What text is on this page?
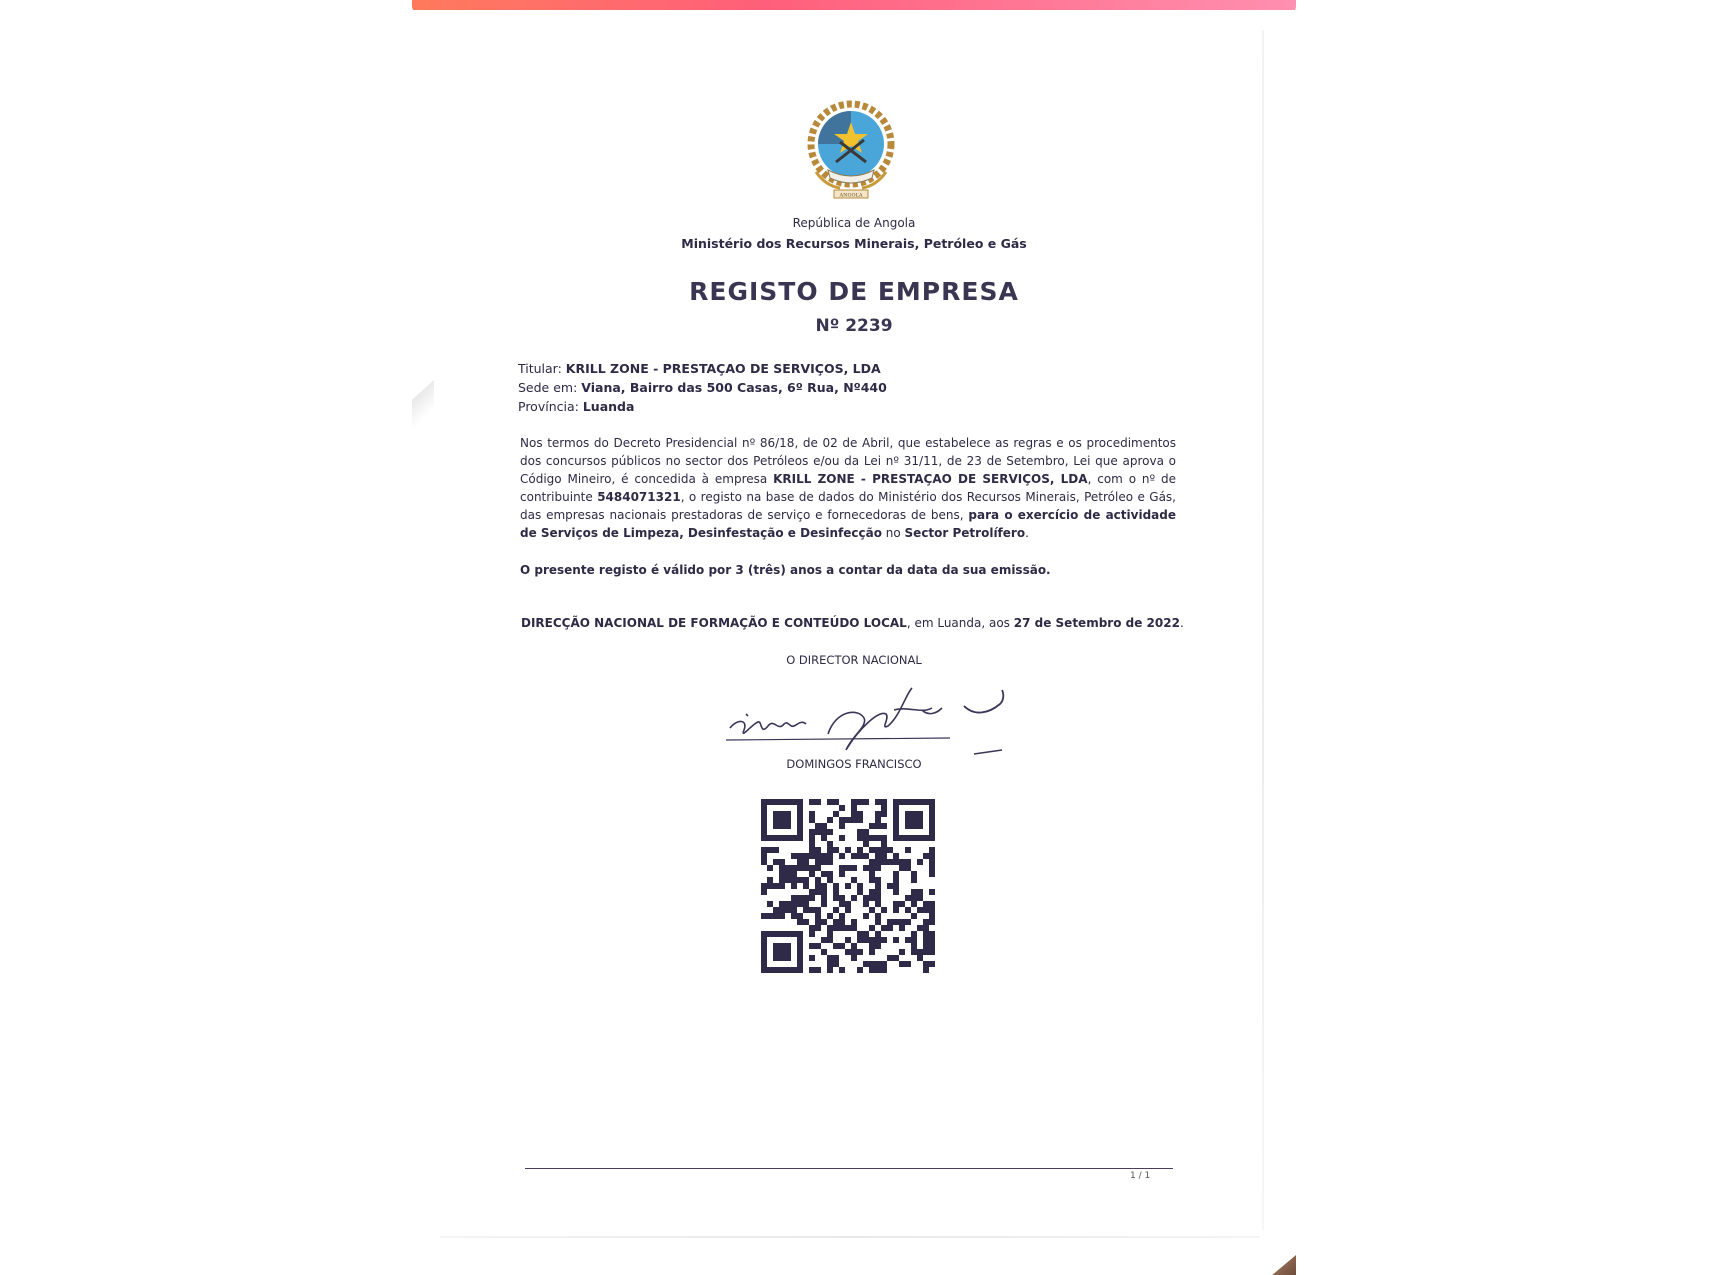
ANGOLA
República de Angola
Ministério dos Recursos Minerais, Petróleo e Gás
REGISTO DE EMPRESA
Nº 2239
Titular: KRILL ZONE - PRESTAÇAO DE SERVIÇOS, LDA
Sede em: Viana, Bairro das 500 Casas, 6º Rua, Nº440
Província: Luanda
Nos termos do Decreto Presidencial nº 86/18, de 02 de Abril, que estabelece as regras e os procedimentos dos concursos públicos no sector dos Petróleos e/ou da Lei nº 31/11, de 23 de Setembro, Lei que aprova o Código Mineiro, é concedida à empresa KRILL ZONE - PRESTAÇAO DE SERVIÇOS, LDA, com o nº de contribuinte 5484071321, o registo na base de dados do Ministério dos Recursos Minerais, Petróleo e Gás, das empresas nacionais prestadoras de serviço e fornecedoras de bens, para o exercício de actividade de Serviços de Limpeza, Desinfestação e Desinfecção no Sector Petrolífero.
O presente registo é válido por 3 (três) anos a contar da data da sua emissão.
DIRECÇÃO NACIONAL DE FORMAÇÃO E CONTEÚDO LOCAL, em Luanda, aos 27 de Setembro de 2022.
O DIRECTOR NACIONAL
DOMINGOS FRANCISCO
1 / 1
